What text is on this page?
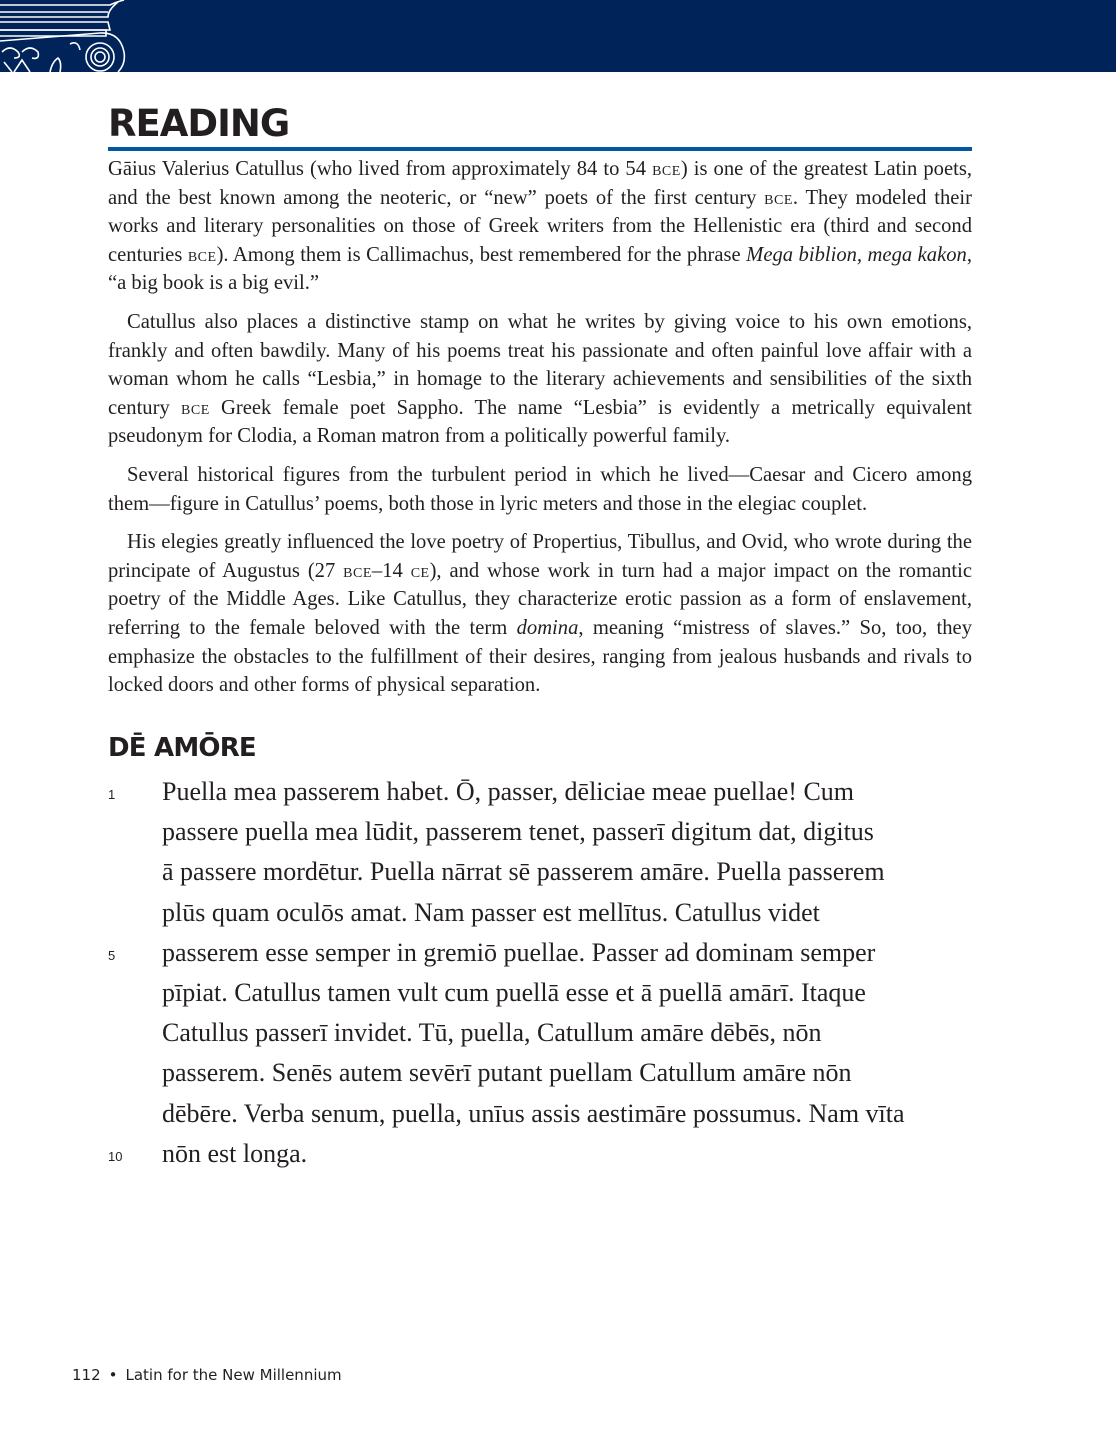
READING

Gāius Valerius Catullus (who lived from approximately 84 to 54 bce) is one of the greatest Latin poets, and the best known among the neoteric, or “new” poets of the first century bce. They modeled their works and literary personalities on those of Greek writers from the Hellenistic era (third and second centuries bce). Among them is Callimachus, best remembered for the phrase Mega biblion, mega kakon, “a big book is a big evil.”

Catullus also places a distinctive stamp on what he writes by giving voice to his own emotions, frankly and often bawdily. Many of his poems treat his passionate and often painful love affair with a woman whom he calls “Lesbia,” in homage to the literary achievements and sensibilities of the sixth century bce Greek female poet Sappho. The name “Lesbia” is evidently a metrically equivalent pseudonym for Clodia, a Roman matron from a politically powerful family.

Several historical figures from the turbulent period in which he lived—Caesar and Cicero among them—figure in Catullus’ poems, both those in lyric meters and those in the elegiac couplet.

His elegies greatly influenced the love poetry of Propertius, Tibullus, and Ovid, who wrote during the principate of Augustus (27 bce–14 ce), and whose work in turn had a major impact on the romantic poetry of the Middle Ages. Like Catullus, they characterize erotic passion as a form of enslavement, referring to the female beloved with the term domina, meaning “mistress of slaves.” So, too, they emphasize the obstacles to the fulfillment of their desires, ranging from jealous husbands and rivals to locked doors and other forms of physical separation.

DĒ AMŌRE
1	Puella mea passerem habet. Ō, passer, dēliciae meae puellae! Cum
passere puella mea lūdit, passerem tenet, passerī digitum dat, digitus
ā passere mordētur. Puella nārrat sē passerem amāre. Puella passerem
plūs quam oculōs amat. Nam passer est mellītus. Catullus videt
5	passerem esse semper in gremiō puellae. Passer ad dominam semper
pīpiat. Catullus tamen vult cum puellā esse et ā puellā amārī. Itaque
Catullus passerī invidet. Tū, puella, Catullum amāre dēbēs, nōn
passerem. Senēs autem sevērī putant puellam Catullum amāre nōn
dēbēre. Verba senum, puella, unīus assis aestimāre possumus. Nam vīta
10 nōn est longa.
112 • Latin for the New Millennium
